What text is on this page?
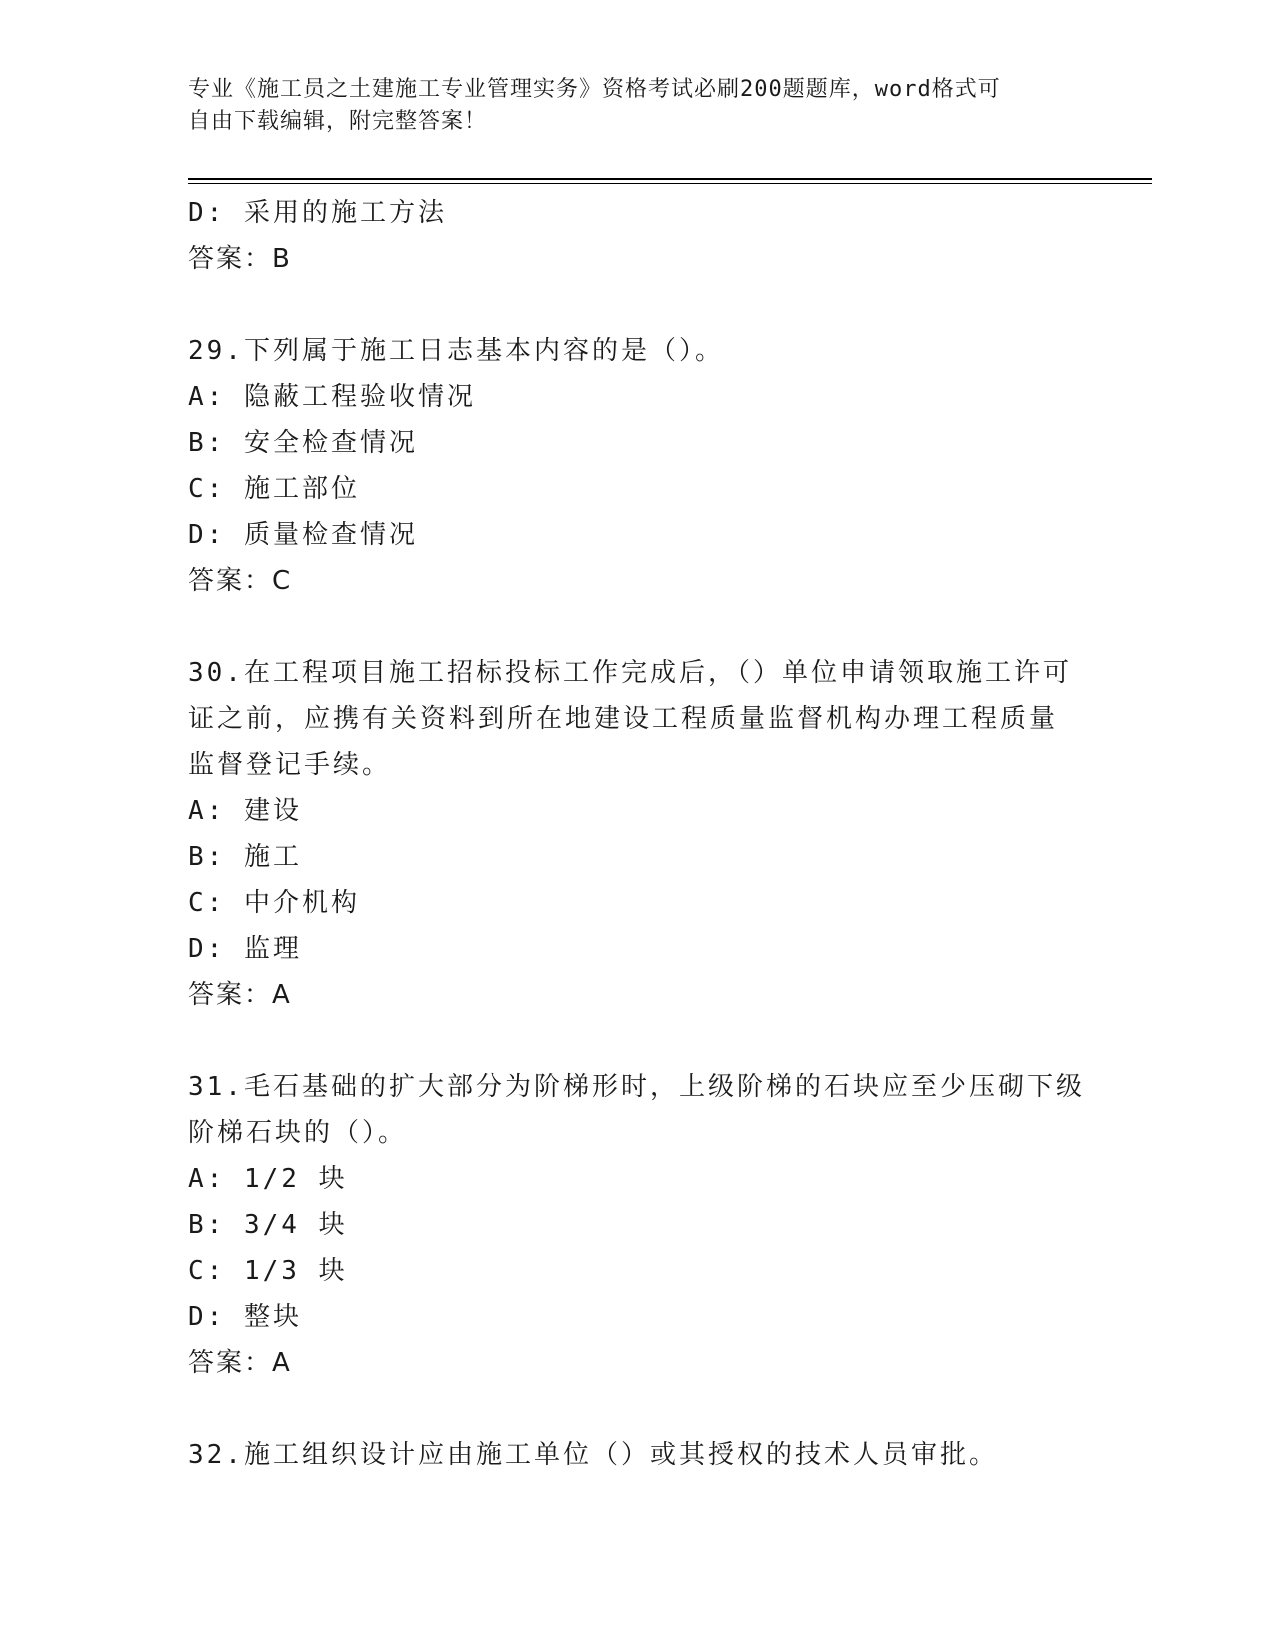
专业《施工员之土建施工专业管理实务》资格考试必刷200题题库，word格式可
自由下载编辑，附完整答案！
D: 采用的施工方法
答案：B
29.下列属于施工日志基本内容的是（）。
A: 隐蔽工程验收情况
B: 安全检查情况
C: 施工部位
D: 质量检查情况
答案：C
30.在工程项目施工招标投标工作完成后，（）单位申请领取施工许可
证之前，应携有关资料到所在地建设工程质量监督机构办理工程质量
监督登记手续。
A: 建设
B: 施工
C: 中介机构
D: 监理
答案：A
31.毛石基础的扩大部分为阶梯形时，上级阶梯的石块应至少压砌下级
阶梯石块的（）。
A: 1/2 块
B: 3/4 块
C: 1/3 块
D: 整块
答案：A
32.施工组织设计应由施工单位（）或其授权的技术人员审批。
